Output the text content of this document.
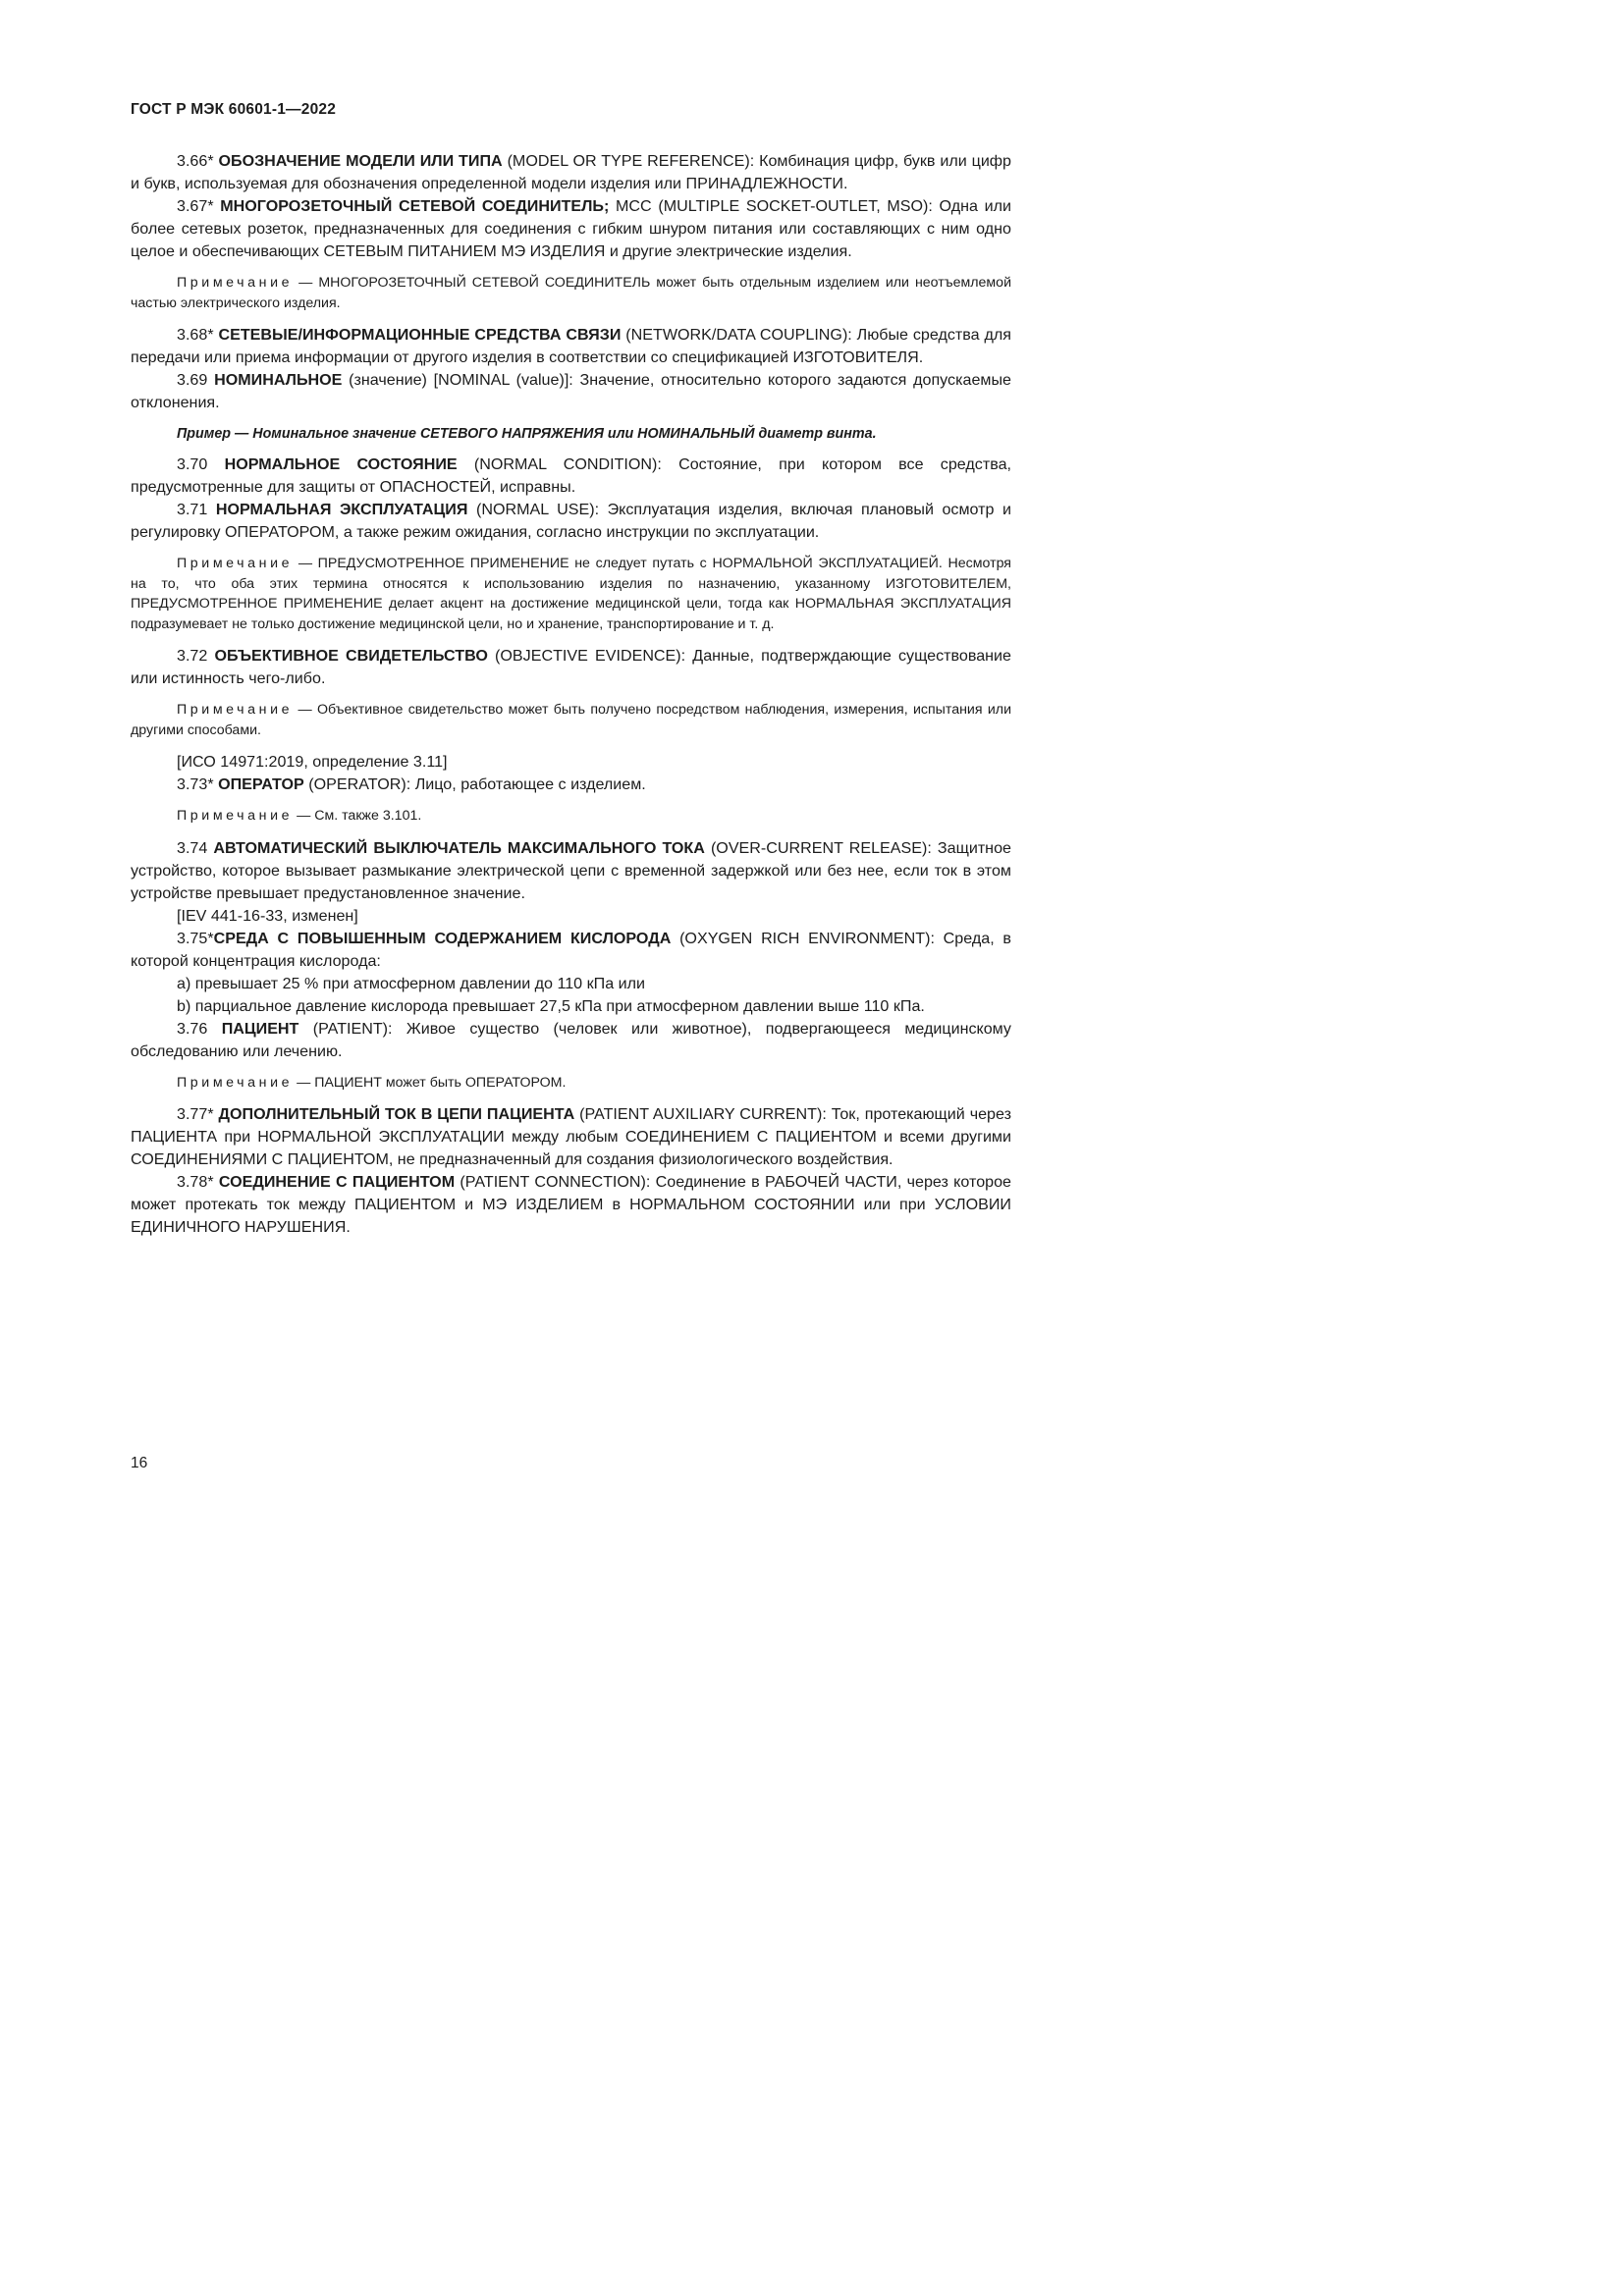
ГОСТ Р МЭК 60601-1—2022

3.66* ОБОЗНАЧЕНИЕ МОДЕЛИ ИЛИ ТИПА (MODEL OR TYPE REFERENCE): Комбинация цифр, букв или цифр и букв, используемая для обозначения определенной модели изделия или ПРИНАДЛЕЖНОСТИ.

3.67* МНОГОРОЗЕТОЧНЫЙ СЕТЕВОЙ СОЕДИНИТЕЛЬ; МСС (MULTIPLE SOCKET-OUTLET, MSO): Одна или более сетевых розеток, предназначенных для соединения с гибким шнуром питания или составляющих с ним одно целое и обеспечивающих СЕТЕВЫМ ПИТАНИЕМ МЭ ИЗДЕЛИЯ и другие электрические изделия.

Примечание — МНОГОРОЗЕТОЧНЫЙ СЕТЕВОЙ СОЕДИНИТЕЛЬ может быть отдельным изделием или неотъемлемой частью электрического изделия.

3.68* СЕТЕВЫЕ/ИНФОРМАЦИОННЫЕ СРЕДСТВА СВЯЗИ (NETWORK/DATA COUPLING): Любые средства для передачи или приема информации от другого изделия в соответствии со спецификацией ИЗГОТОВИТЕЛЯ.

3.69 НОМИНАЛЬНОЕ (значение) [NOMINAL (value)]: Значение, относительно которого задаются допускаемые отклонения.

Пример — Номинальное значение СЕТЕВОГО НАПРЯЖЕНИЯ или НОМИНАЛЬНЫЙ диаметр винта.

3.70 НОРМАЛЬНОЕ СОСТОЯНИЕ (NORMAL CONDITION): Состояние, при котором все средства, предусмотренные для защиты от ОПАСНОСТЕЙ, исправны.

3.71 НОРМАЛЬНАЯ ЭКСПЛУАТАЦИЯ (NORMAL USE): Эксплуатация изделия, включая плановый осмотр и регулировку ОПЕРАТОРОМ, а также режим ожидания, согласно инструкции по эксплуатации.

Примечание — ПРЕДУСМОТРЕННОЕ ПРИМЕНЕНИЕ не следует путать с НОРМАЛЬНОЙ ЭКСПЛУАТАЦИЕЙ. Несмотря на то, что оба этих термина относятся к использованию изделия по назначению, указанному ИЗГОТОВИТЕЛЕМ, ПРЕДУСМОТРЕННОЕ ПРИМЕНЕНИЕ делает акцент на достижение медицинской цели, тогда как НОРМАЛЬНАЯ ЭКСПЛУАТАЦИЯ подразумевает не только достижение медицинской цели, но и хранение, транспортирование и т. д.

3.72 ОБЪЕКТИВНОЕ СВИДЕТЕЛЬСТВО (OBJECTIVE EVIDENCE): Данные, подтверждающие существование или истинность чего-либо.

Примечание — Объективное свидетельство может быть получено посредством наблюдения, измерения, испытания или другими способами.

[ИСО 14971:2019, определение 3.11]

3.73* ОПЕРАТОР (OPERATOR): Лицо, работающее с изделием.

Примечание — См. также 3.101.

3.74 АВТОМАТИЧЕСКИЙ ВЫКЛЮЧАТЕЛЬ МАКСИМАЛЬНОГО ТОКА (OVER-CURRENT RELEASE): Защитное устройство, которое вызывает размыкание электрической цепи с временной задержкой или без нее, если ток в этом устройстве превышает предустановленное значение.

[IEV 441-16-33, изменен]

3.75*СРЕДА С ПОВЫШЕННЫМ СОДЕРЖАНИЕМ КИСЛОРОДА (OXYGEN RICH ENVIRONMENT): Среда, в которой концентрация кислорода:

a) превышает 25 % при атмосферном давлении до 110 кПа или

b) парциальное давление кислорода превышает 27,5 кПа при атмосферном давлении выше 110 кПа.

3.76 ПАЦИЕНТ (PATIENT): Живое существо (человек или животное), подвергающееся медицинскому обследованию или лечению.

Примечание — ПАЦИЕНТ может быть ОПЕРАТОРОМ.

3.77* ДОПОЛНИТЕЛЬНЫЙ ТОК В ЦЕПИ ПАЦИЕНТА (PATIENT AUXILIARY CURRENT): Ток, протекающий через ПАЦИЕНТА при НОРМАЛЬНОЙ ЭКСПЛУАТАЦИИ между любым СОЕДИНЕНИЕМ С ПАЦИЕНТОМ и всеми другими СОЕДИНЕНИЯМИ С ПАЦИЕНТОМ, не предназначенный для создания физиологического воздействия.

3.78* СОЕДИНЕНИЕ С ПАЦИЕНТОМ (PATIENT CONNECTION): Соединение в РАБОЧЕЙ ЧАСТИ, через которое может протекать ток между ПАЦИЕНТОМ и МЭ ИЗДЕЛИЕМ в НОРМАЛЬНОМ СОСТОЯНИИ или при УСЛОВИИ ЕДИНИЧНОГО НАРУШЕНИЯ.

16
